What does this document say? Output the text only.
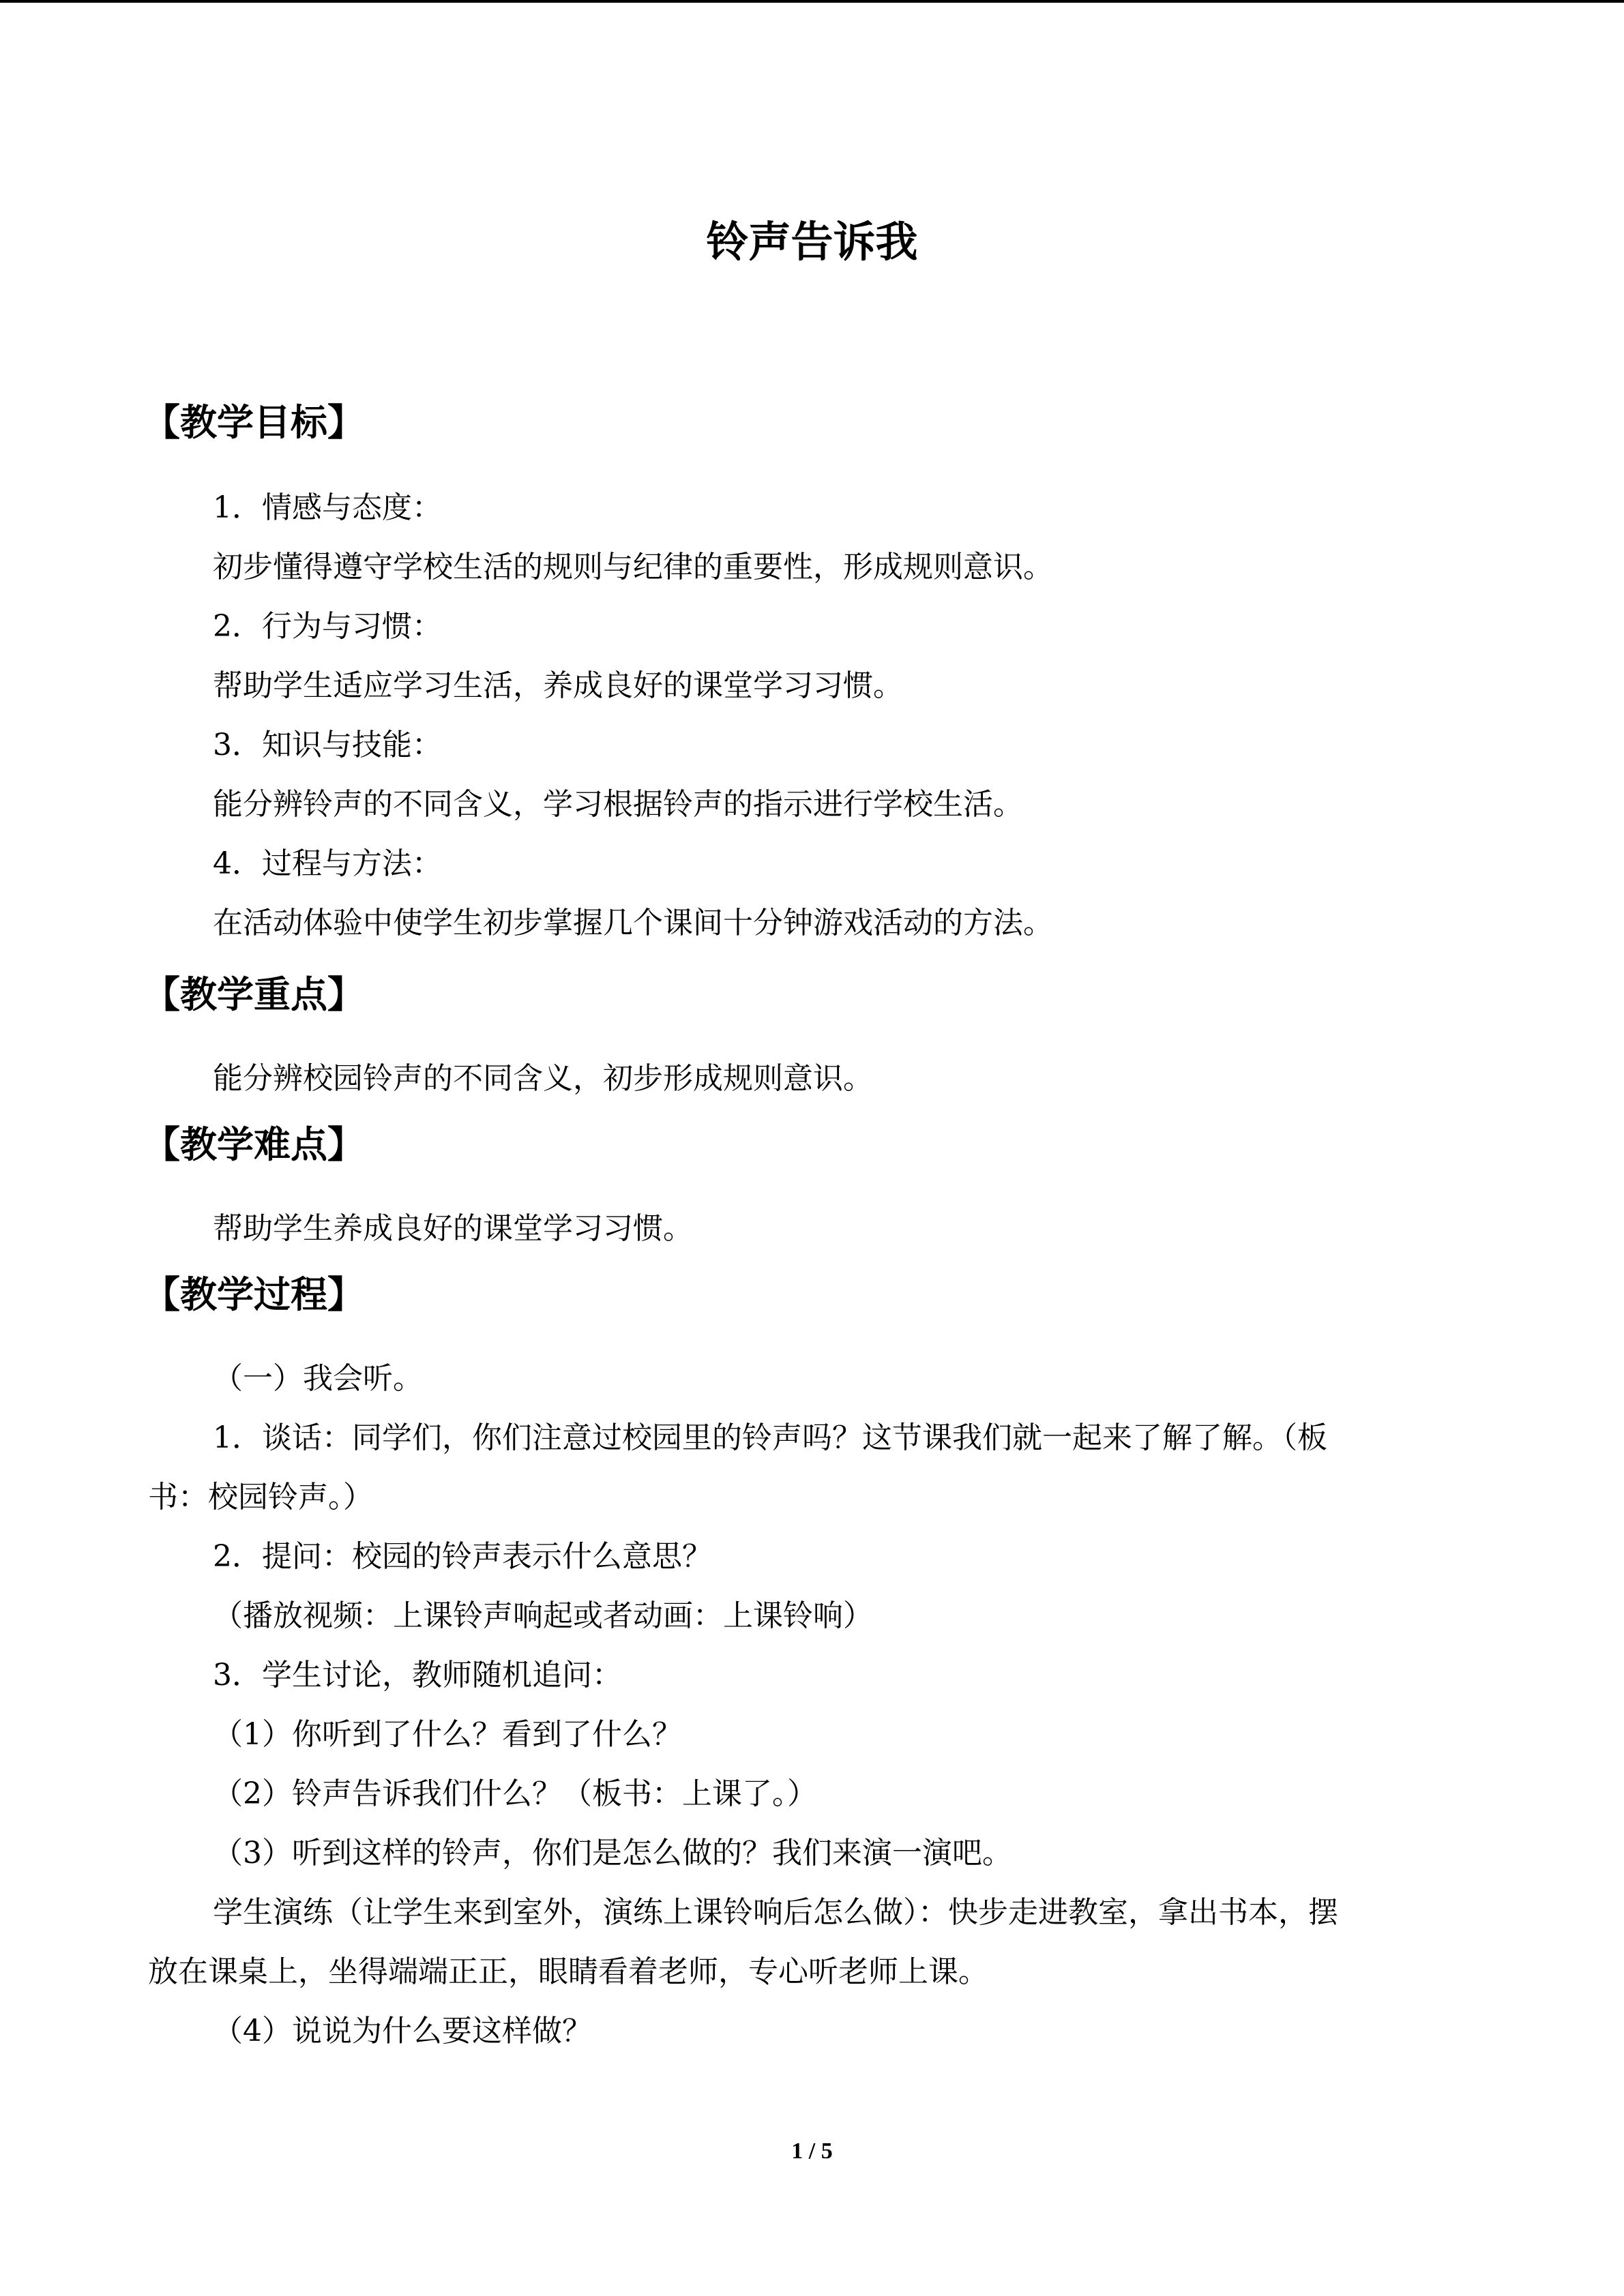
铃声告诉我
【教学目标】

1．情感与态度：

初步懂得遵守学校生活的规则与纪律的重要性，形成规则意识。

2．行为与习惯：

帮助学生适应学习生活，养成良好的课堂学习习惯。

3．知识与技能：

能分辨铃声的不同含义，学习根据铃声的指示进行学校生活。

4．过程与方法：

在活动体验中使学生初步掌握几个课间十分钟游戏活动的方法。

【教学重点】

能分辨校园铃声的不同含义，初步形成规则意识。

【教学难点】

帮助学生养成良好的课堂学习习惯。

【教学过程】

（一）我会听。

1．谈话：同学们，你们注意过校园里的铃声吗？这节课我们就一起来了解了解。（板

书：校园铃声。）

2．提问：校园的铃声表示什么意思？

（播放视频：上课铃声响起或者动画：上课铃响）

3．学生讨论，教师随机追问：

（1）你听到了什么？看到了什么？

（2）铃声告诉我们什么？（板书：上课了。）

（3）听到这样的铃声，你们是怎么做的？我们来演一演吧。

学生演练（让学生来到室外，演练上课铃响后怎么做）：快步走进教室，拿出书本，摆

放在课桌上，坐得端端正正，眼睛看着老师，专心听老师上课。

（4）说说为什么要这样做？

1 / 5
